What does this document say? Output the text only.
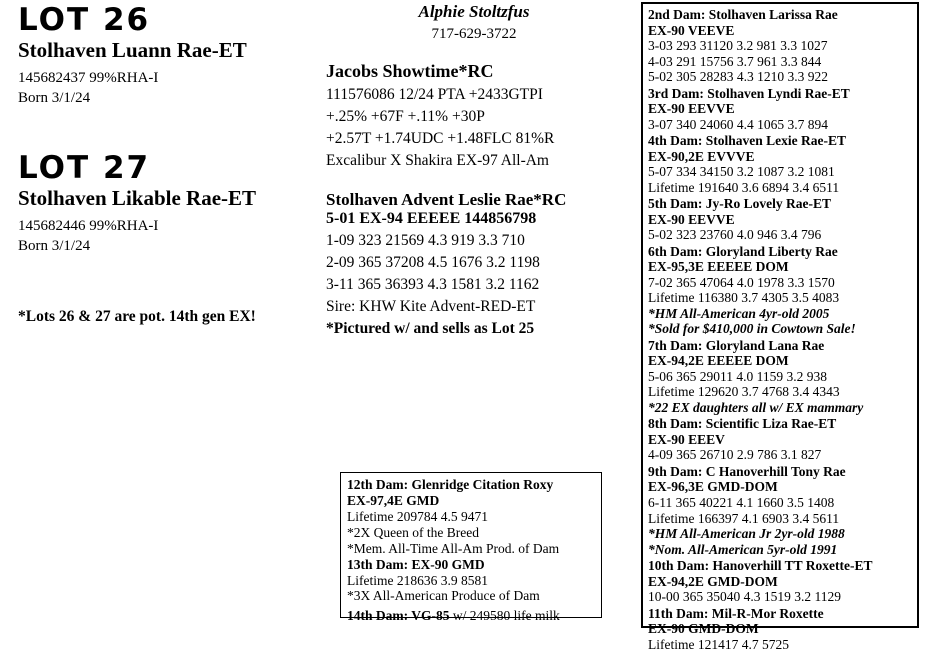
LOT 26
Stolhaven Luann Rae-ET
145682437 99%RHA-I
Born 3/1/24
LOT 27
Stolhaven Likable Rae-ET
145682446 99%RHA-I
Born 3/1/24
*Lots 26 & 27 are pot. 14th gen EX!
Alphie Stoltzfus
717-629-3722
Jacobs Showtime*RC
111576086 12/24 PTA +2433GTPI
+.25% +67F +.11% +30P
+2.57T +1.74UDC +1.48FLC 81%R
Excalibur X Shakira EX-97 All-Am
Stolhaven Advent Leslie Rae*RC
5-01 EX-94 EEEEE 144856798
1-09 323 21569 4.3 919 3.3 710
2-09 365 37208 4.5 1676 3.2 1198
3-11 365 36393 4.3 1581 3.2 1162
Sire: KHW Kite Advent-RED-ET
*Pictured w/ and sells as Lot 25
12th Dam: Glenridge Citation Roxy
EX-97,4E GMD
Lifetime 209784 4.5 9471
*2X Queen of the Breed
*Mem. All-Time All-Am Prod. of Dam
13th Dam: EX-90 GMD
Lifetime 218636 3.9 8581
*3X All-American Produce of Dam
14th Dam: VG-85 w/ 249580 life milk
2nd Dam: Stolhaven Larissa Rae
EX-90 VEEVE
3-03 293 31120 3.2 981 3.3 1027
4-03 291 15756 3.7 961 3.3 844
5-02 305 28283 4.3 1210 3.3 922
3rd Dam: Stolhaven Lyndi Rae-ET
EX-90 EEVVE
3-07 340 24060 4.4 1065 3.7 894
4th Dam: Stolhaven Lexie Rae-ET
EX-90,2E EVVVE
5-07 334 34150 3.2 1087 3.2 1081
Lifetime 191640 3.6 6894 3.4 6511
5th Dam: Jy-Ro Lovely Rae-ET
EX-90 EEVVE
5-02 323 23760 4.0 946 3.4 796
6th Dam: Gloryland Liberty Rae
EX-95,3E EEEEE DOM
7-02 365 47064 4.0 1978 3.3 1570
Lifetime 116380 3.7 4305 3.5 4083
*HM All-American 4yr-old 2005
*Sold for $410,000 in Cowtown Sale!
7th Dam: Gloryland Lana Rae
EX-94,2E EEEEE DOM
5-06 365 29011 4.0 1159 3.2 938
Lifetime 129620 3.7 4768 3.4 4343
*22 EX daughters all w/ EX mammary
8th Dam: Scientific Liza Rae-ET
EX-90 EEEV
4-09 365 26710 2.9 786 3.1 827
9th Dam: C Hanoverhill Tony Rae
EX-96,3E GMD-DOM
6-11 365 40221 4.1 1660 3.5 1408
Lifetime 166397 4.1 6903 3.4 5611
*HM All-American Jr 2yr-old 1988
*Nom. All-American 5yr-old 1991
10th Dam: Hanoverhill TT Roxette-ET
EX-94,2E GMD-DOM
10-00 365 35040 4.3 1519 3.2 1129
11th Dam: Mil-R-Mor Roxette
EX-90 GMD-DOM
Lifetime 121417 4.7 5725
